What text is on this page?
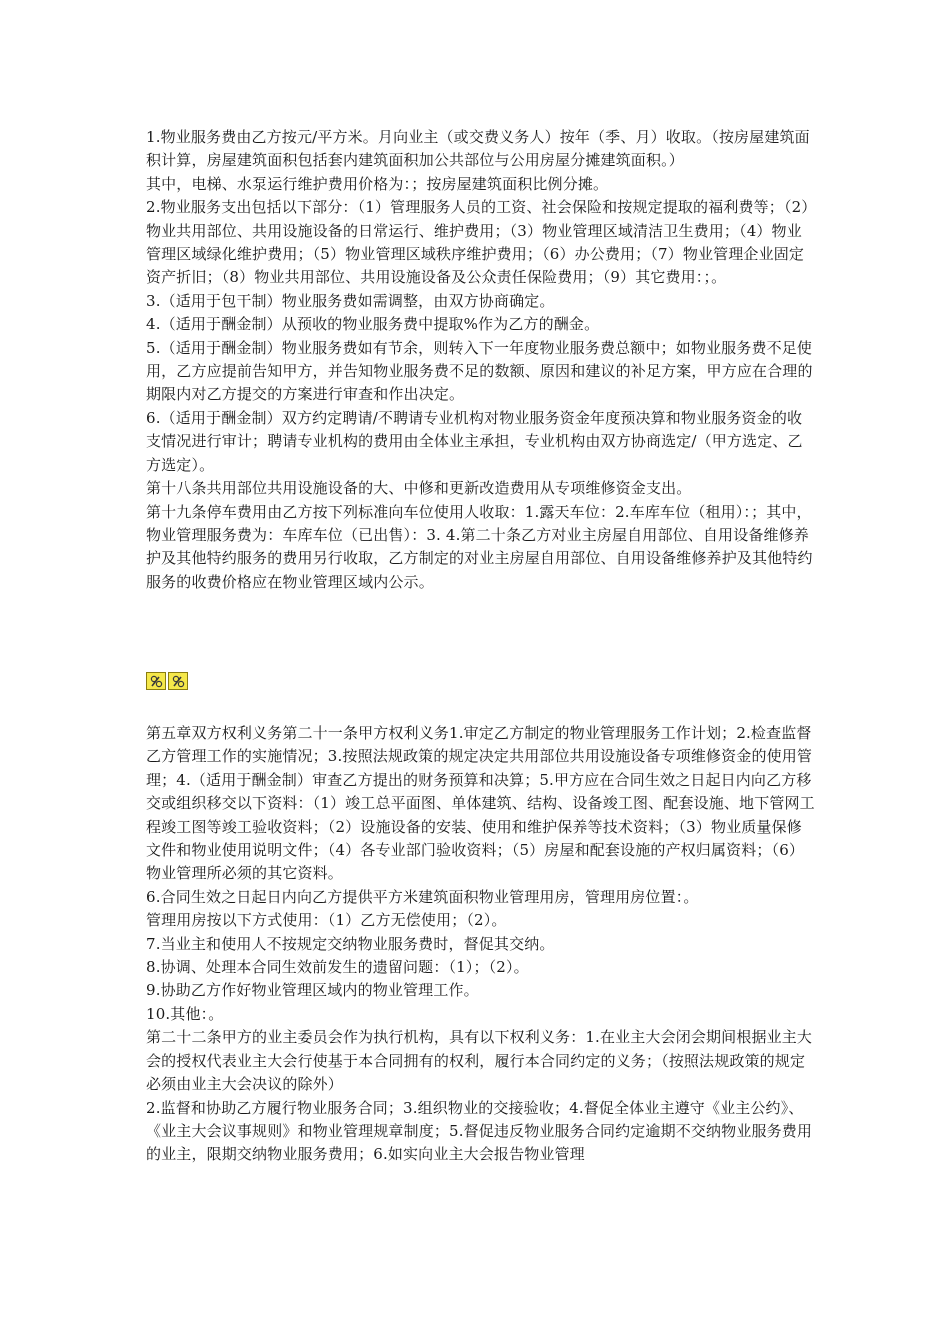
1.物业服务费由乙方按元/平方米。月向业主（或交费义务人）按年（季、月）收取。（按房屋建筑面积计算，房屋建筑面积包括套内建筑面积加公共部位与公用房屋分摊建筑面积。）

其中，电梯、水泵运行维护费用价格为：；按房屋建筑面积比例分摊。

2.物业服务支出包括以下部分：（1）管理服务人员的工资、社会保险和按规定提取的福利费等；（2）物业共用部位、共用设施设备的日常运行、维护费用；（3）物业管理区域清洁卫生费用；（4）物业管理区域绿化维护费用；（5）物业管理区域秩序维护费用；（6）办公费用；（7）物业管理企业固定资产折旧；（8）物业共用部位、共用设施设备及公众责任保险费用；（9）其它费用：；。

3.（适用于包干制）物业服务费如需调整，由双方协商确定。

4.（适用于酬金制）从预收的物业服务费中提取%作为乙方的酬金。

5.（适用于酬金制）物业服务费如有节余，则转入下一年度物业服务费总额中；如物业服务费不足使用，乙方应提前告知甲方，并告知物业服务费不足的数额、原因和建议的补足方案，甲方应在合理的期限内对乙方提交的方案进行审查和作出决定。

6.（适用于酬金制）双方约定聘请/不聘请专业机构对物业服务资金年度预决算和物业服务资金的收支情况进行审计；聘请专业机构的费用由全体业主承担，专业机构由双方协商选定/（甲方选定、乙方选定）。

第十八条共用部位共用设施设备的大、中修和更新改造费用从专项维修资金支出。

第十九条停车费用由乙方按下列标准向车位使用人收取：1.露天车位：2.车库车位（租用）：；其中，物业管理服务费为：车库车位（已出售）：3. 4.第二十条乙方对业主房屋自用部位、自用设备维修养护及其他特约服务的费用另行收取，乙方制定的对业主房屋自用部位、自用设备维修养护及其他特约服务的收费价格应在物业管理区域内公示。

第五章双方权利义务第二十一条甲方权利义务1.审定乙方制定的物业管理服务工作计划；2.检查监督乙方管理工作的实施情况；3.按照法规政策的规定决定共用部位共用设施设备专项维修资金的使用管理；4.（适用于酬金制）审查乙方提出的财务预算和决算；5.甲方应在合同生效之日起日内向乙方移交或组织移交以下资料：（1）竣工总平面图、单体建筑、结构、设备竣工图、配套设施、地下管网工程竣工图等竣工验收资料；（2）设施设备的安装、使用和维护保养等技术资料；（3）物业质量保修文件和物业使用说明文件；（4）各专业部门验收资料；（5）房屋和配套设施的产权归属资料；（6）物业管理所必须的其它资料。

6.合同生效之日起日内向乙方提供平方米建筑面积物业管理用房，管理用房位置：。

管理用房按以下方式使用：（1）乙方无偿使用；（2）。

7.当业主和使用人不按规定交纳物业服务费时，督促其交纳。

8.协调、处理本合同生效前发生的遗留问题：（1）；（2）。

9.协助乙方作好物业管理区域内的物业管理工作。

10.其他：。

第二十二条甲方的业主委员会作为执行机构，具有以下权利义务：1.在业主大会闭会期间根据业主大会的授权代表业主大会行使基于本合同拥有的权利，履行本合同约定的义务；（按照法规政策的规定必须由业主大会决议的除外）

2.监督和协助乙方履行物业服务合同；3.组织物业的交接验收；4.督促全体业主遵守《业主公约》、《业主大会议事规则》和物业管理规章制度；5.督促违反物业服务合同约定逾期不交纳物业服务费用的业主，限期交纳物业服务费用；6.如实向业主大会报告物业管理
